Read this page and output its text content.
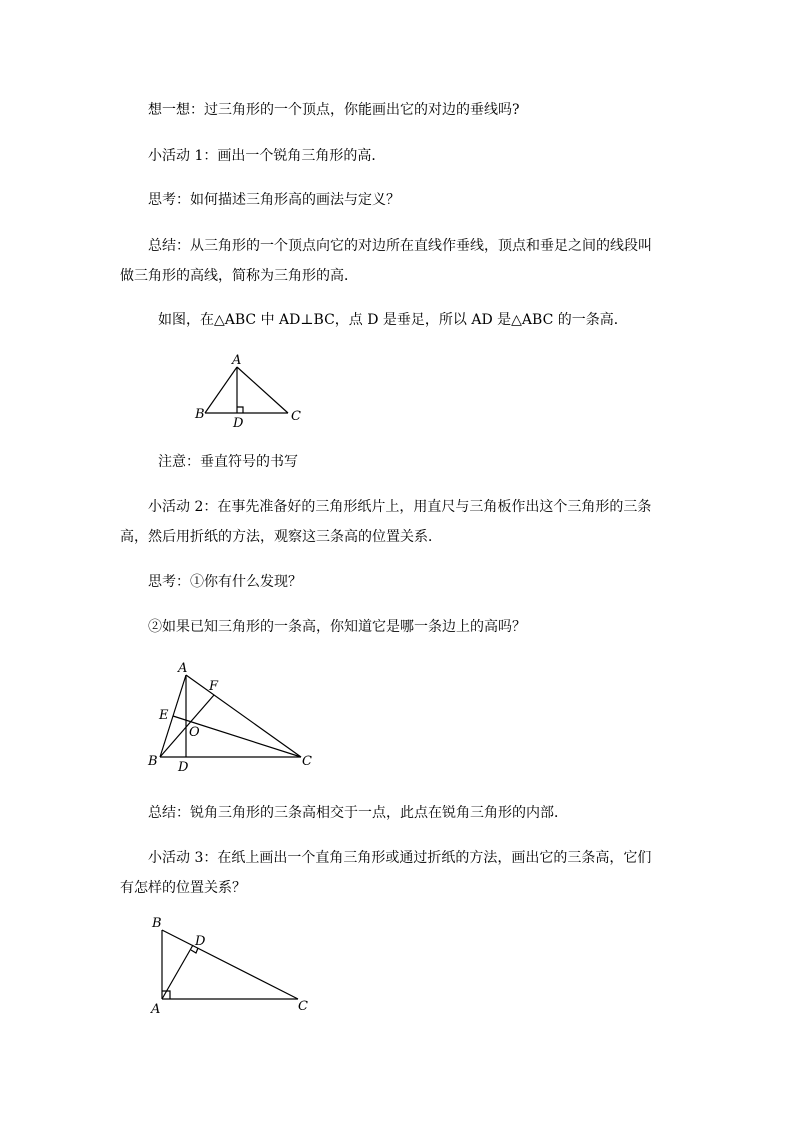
想一想：过三角形的一个顶点，你能画出它的对边的垂线吗?
小活动 1：画出一个锐角三角形的高．
思考：如何描述三角形高的画法与定义？
总结：从三角形的一个顶点向它的对边所在直线作垂线，顶点和垂足之间的线段叫
做三角形的高线，简称为三角形的高．
如图，在△ABC 中 AD⊥BC，点 D 是垂足，所以 AD 是△ABC 的一条高．
A
B	C
D
注意：垂直符号的书写
小活动 2：在事先准备好的三角形纸片上，用直尺与三角板作出这个三角形的三条
高，然后用折纸的方法，观察这三条高的位置关系．
思考：①你有什么发现？
②如果已知三角形的一条高，你知道它是哪一条边上的高吗？
A
B	C
D
E
F
O
总结：锐角三角形的三条高相交于一点，此点在锐角三角形的内部．
小活动 3：在纸上画出一个直角三角形或通过折纸的方法，画出它的三条高，它们
有怎样的位置关系？
B
D
A	C
